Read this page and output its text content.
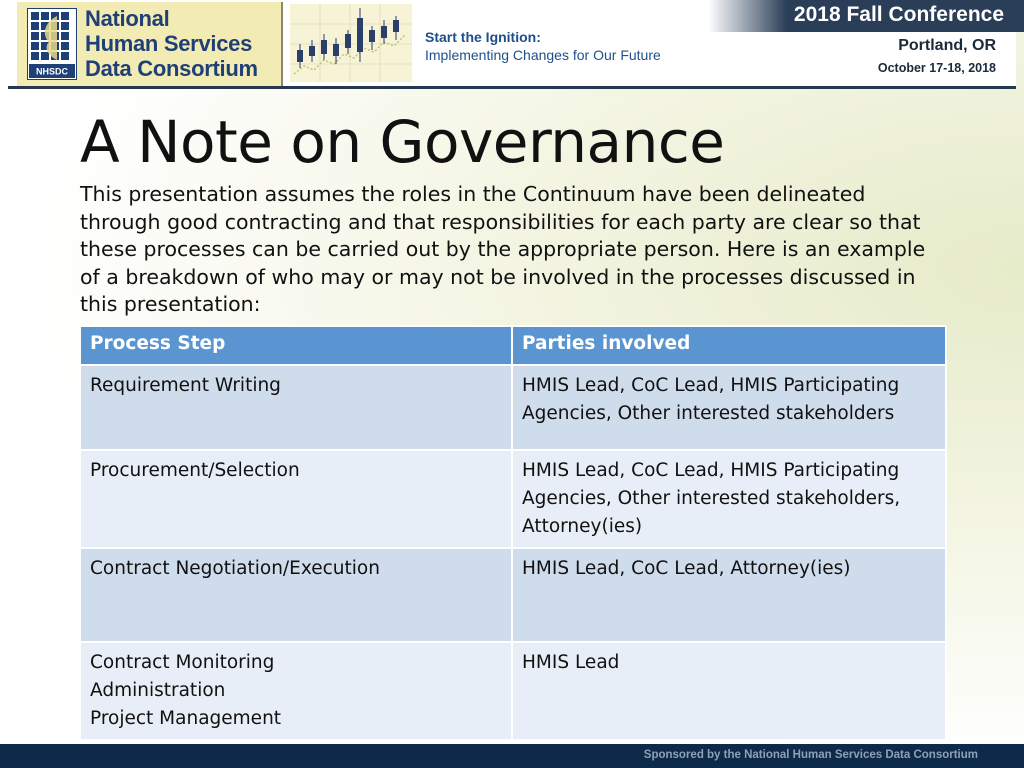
NHSDC
National
Human Services
Data Consortium
Start the Ignition:
Implementing Changes for Our Future
2018 Fall Conference
Portland, OR
October 17-18, 2018
A Note on Governance

This presentation assumes the roles in the Continuum have been delineated through good contracting and that responsibilities for each party are clear so that these processes can be carried out by the appropriate person. Here is an example of a breakdown of who may or may not be involved in the processes discussed in this presentation:

Process Step	Parties involved

Requirement Writing	HMIS Lead, CoC Lead, HMIS Participating Agencies, Other interested stakeholders

Procurement/Selection	HMIS Lead, CoC Lead, HMIS Participating Agencies, Other interested stakeholders, Attorney(ies)

Contract Negotiation/Execution	HMIS Lead, CoC Lead, Attorney(ies)

Contract Monitoring
Administration
Project Management	HMIS Lead
Sponsored by the National Human Services Data Consortium
